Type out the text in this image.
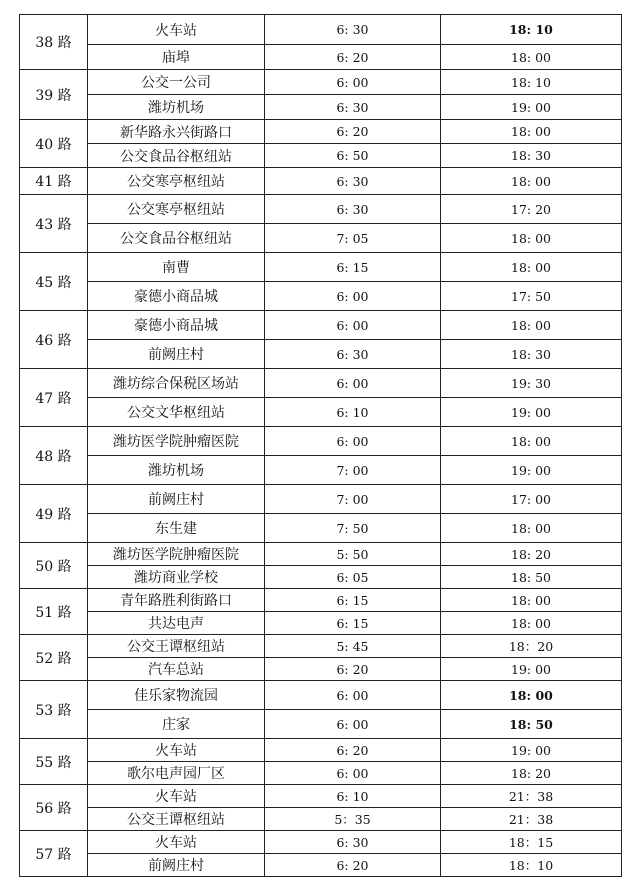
38 路	火车站	6: 30	18: 10
	庙埠	6: 20	18: 00
39 路	公交一公司	6: 00	18: 10
	潍坊机场	6: 30	19: 00
40 路	新华路永兴街路口	6: 20	18: 00
	公交食品谷枢纽站	6: 50	18: 30
41 路	公交寒亭枢纽站	6: 30	18: 00
43 路	公交寒亭枢纽站	6: 30	17: 20
	公交食品谷枢纽站	7: 05	18: 00
45 路	南曹	6: 15	18: 00
	豪德小商品城	6: 00	17: 50
46 路	豪德小商品城	6: 00	18: 00
	前阙庄村	6: 30	18: 30
47 路	潍坊综合保税区场站	6: 00	19: 30
	公交文华枢纽站	6: 10	19: 00
48 路	潍坊医学院肿瘤医院	6: 00	18: 00
	潍坊机场	7: 00	19: 00
49 路	前阙庄村	7: 00	17: 00
	东生建	7: 50	18: 00
50 路	潍坊医学院肿瘤医院	5: 50	18: 20
	潍坊商业学校	6: 05	18: 50
51 路	青年路胜利街路口	6: 15	18: 00
	共达电声	6: 15	18: 00
52 路	公交王谭枢纽站	5: 45	18：20
	汽车总站	6: 20	19: 00
53 路	佳乐家物流园	6: 00	18: 00
	庄家	6: 00	18: 50
55 路	火车站	6: 20	19: 00
	歌尔电声园厂区	6: 00	18: 20
56 路	火车站	6: 10	21：38
	公交王谭枢纽站	5：35	21：38
57 路	火车站	6: 30	18：15
	前阙庄村	6: 20	18：10
